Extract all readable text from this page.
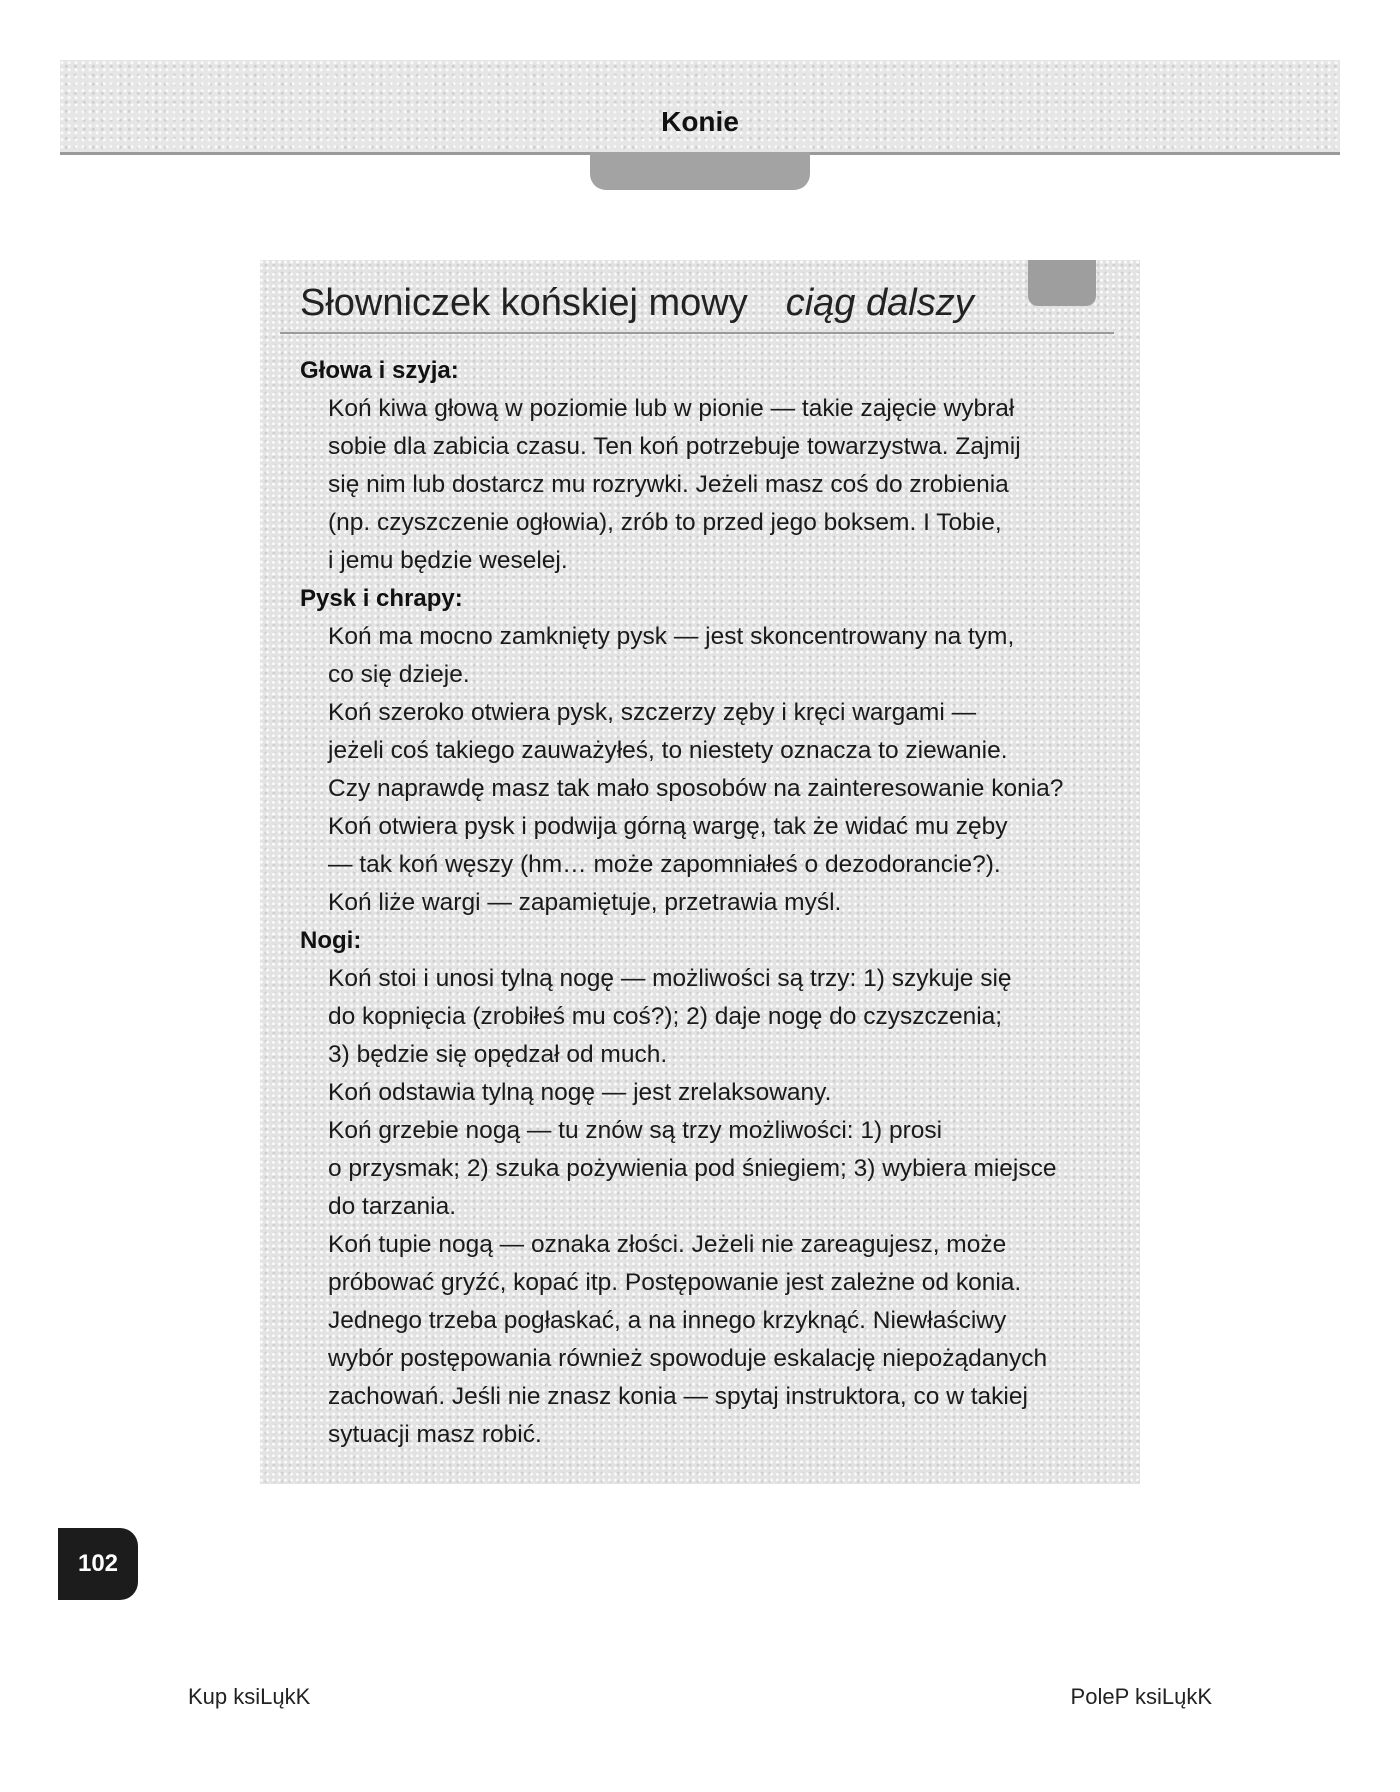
Konie
Słowniczek końskiej mowy ciąg dalszy
Głowa i szyja:
Koń kiwa głową w poziomie lub w pionie — takie zajęcie wybrał
sobie dla zabicia czasu. Ten koń potrzebuje towarzystwa. Zajmij
się nim lub dostarcz mu rozrywki. Jeżeli masz coś do zrobienia
(np. czyszczenie ogłowia), zrób to przed jego boksem. I Tobie,
i jemu będzie weselej.
Pysk i chrapy:
Koń ma mocno zamknięty pysk — jest skoncentrowany na tym,
co się dzieje.
Koń szeroko otwiera pysk, szczerzy zęby i kręci wargami —
jeżeli coś takiego zauważyłeś, to niestety oznacza to ziewanie.
Czy naprawdę masz tak mało sposobów na zainteresowanie konia?
Koń otwiera pysk i podwija górną wargę, tak że widać mu zęby
— tak koń węszy (hm… może zapomniałeś o dezodorancie?).
Koń liże wargi — zapamiętuje, przetrawia myśl.
Nogi:
Koń stoi i unosi tylną nogę — możliwości są trzy: 1) szykuje się
do kopnięcia (zrobiłeś mu coś?); 2) daje nogę do czyszczenia;
3) będzie się opędzał od much.
Koń odstawia tylną nogę — jest zrelaksowany.
Koń grzebie nogą — tu znów są trzy możliwości: 1) prosi
o przysmak; 2) szuka pożywienia pod śniegiem; 3) wybiera miejsce
do tarzania.
Koń tupie nogą — oznaka złości. Jeżeli nie zareagujesz, może
próbować gryźć, kopać itp. Postępowanie jest zależne od konia.
Jednego trzeba pogłaskać, a na innego krzyknąć. Niewłaściwy
wybór postępowania również spowoduje eskalację niepożądanych
zachowań. Jeśli nie znasz konia — spytaj instruktora, co w takiej
sytuacji masz robić.
102
Kup ksiLųkK	PoleP ksiLųkK
